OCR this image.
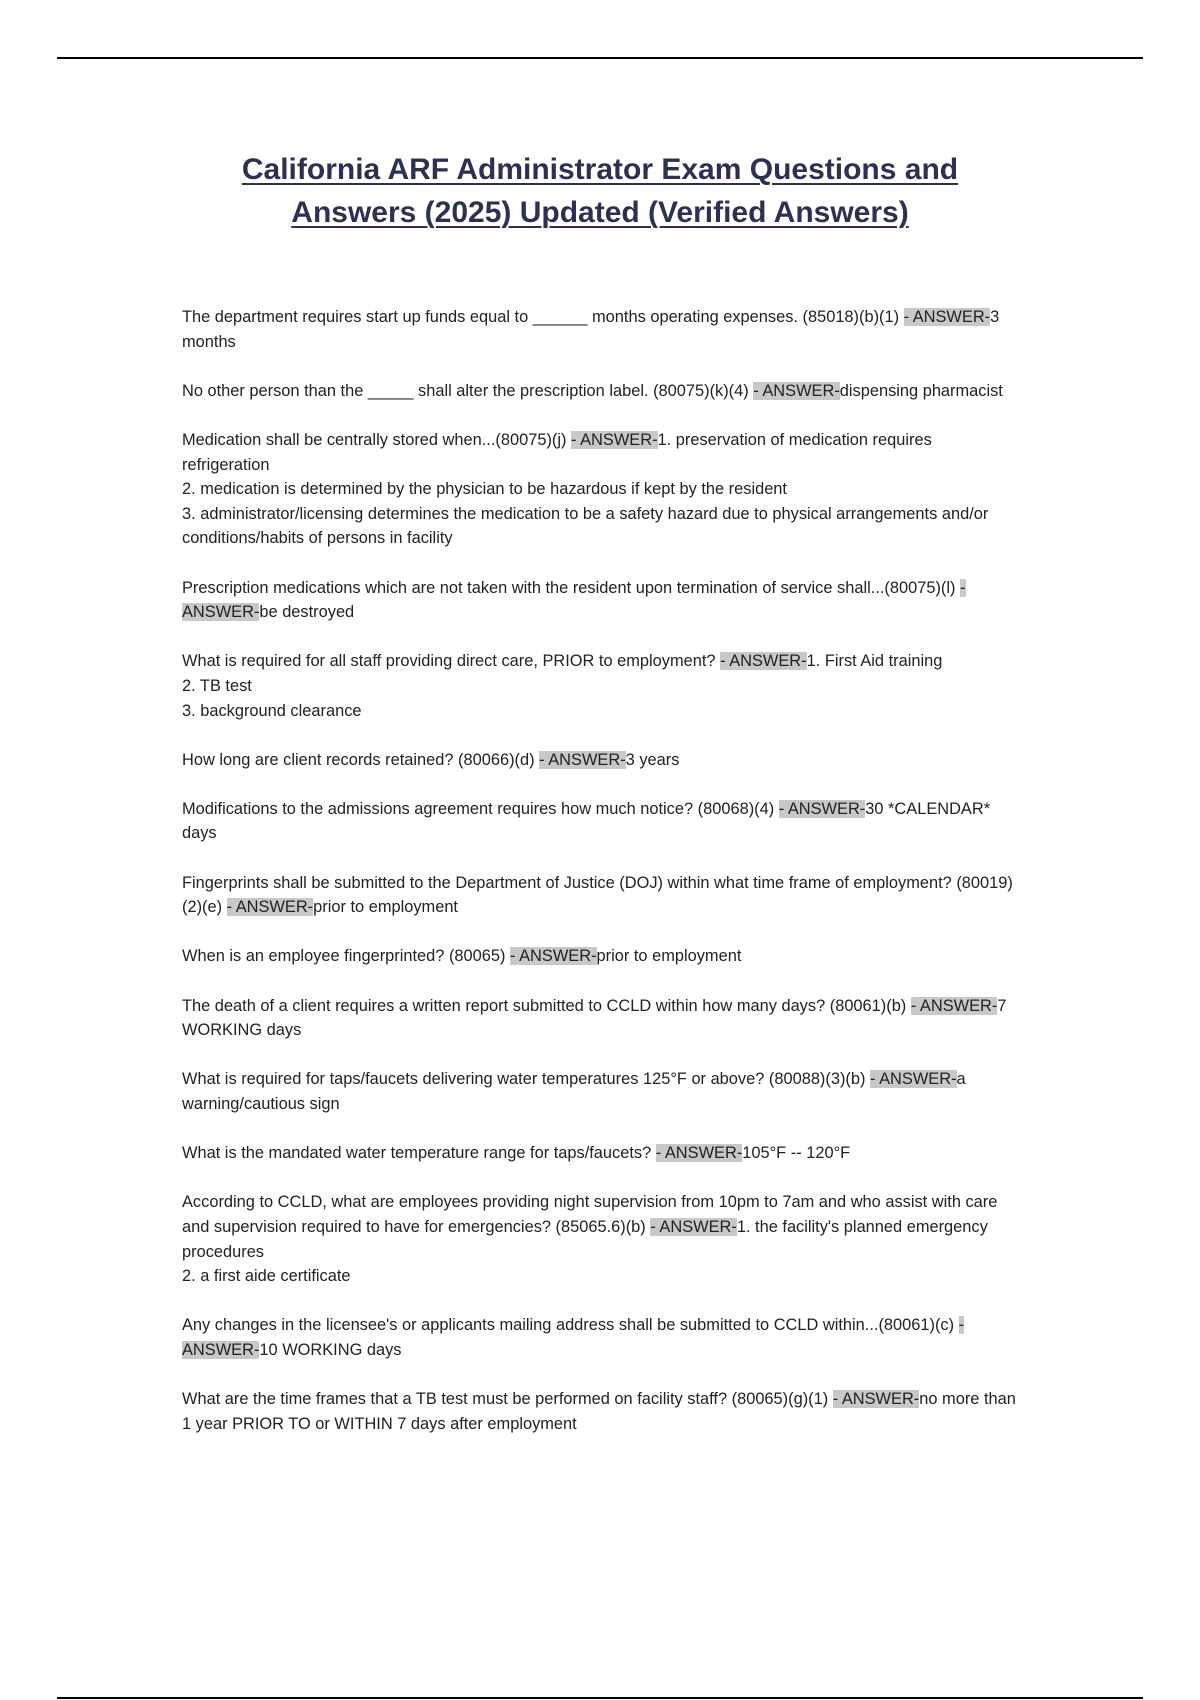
California ARF Administrator Exam Questions and
Answers (2025) Updated (Verified Answers)
The department requires start up funds equal to ______ months operating expenses. (85018)(b)(1) - ANSWER-3 months
No other person than the _____ shall alter the prescription label. (80075)(k)(4) - ANSWER-dispensing pharmacist
Medication shall be centrally stored when...(80075)(j) - ANSWER-1. preservation of medication requires refrigeration
2. medication is determined by the physician to be hazardous if kept by the resident
3. administrator/licensing determines the medication to be a safety hazard due to physical arrangements and/or conditions/habits of persons in facility
Prescription medications which are not taken with the resident upon termination of service shall...(80075)(l) - ANSWER-be destroyed
What is required for all staff providing direct care, PRIOR to employment? - ANSWER-1. First Aid training
2. TB test
3. background clearance
How long are client records retained? (80066)(d) - ANSWER-3 years
Modifications to the admissions agreement requires how much notice? (80068)(4) - ANSWER-30 *CALENDAR* days
Fingerprints shall be submitted to the Department of Justice (DOJ) within what time frame of employment? (80019)(2)(e) - ANSWER-prior to employment
When is an employee fingerprinted? (80065) - ANSWER-prior to employment
The death of a client requires a written report submitted to CCLD within how many days? (80061)(b) - ANSWER-7 WORKING days
What is required for taps/faucets delivering water temperatures 125°F or above? (80088)(3)(b) - ANSWER-a warning/cautious sign
What is the mandated water temperature range for taps/faucets? - ANSWER-105°F -- 120°F
According to CCLD, what are employees providing night supervision from 10pm to 7am and who assist with care and supervision required to have for emergencies? (85065.6)(b) - ANSWER-1. the facility's planned emergency procedures
2. a first aide certificate
Any changes in the licensee's or applicants mailing address shall be submitted to CCLD within...(80061)(c) - ANSWER-10 WORKING days
What are the time frames that a TB test must be performed on facility staff? (80065)(g)(1) - ANSWER-no more than 1 year PRIOR TO or WITHIN 7 days after employment
